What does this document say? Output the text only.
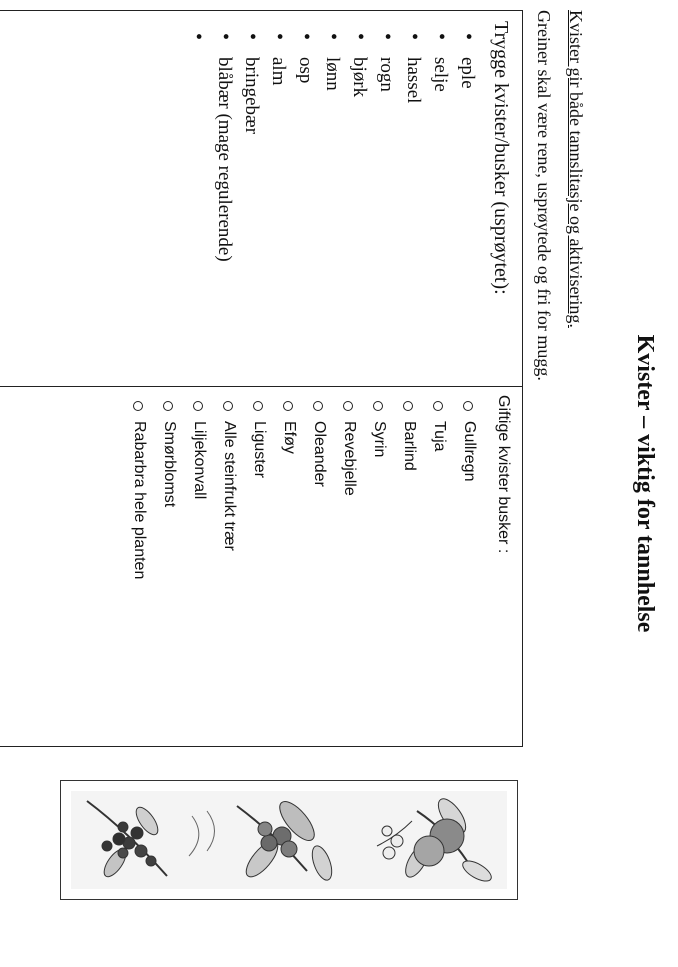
Kvister – viktig for tannhelse
Kvister gir både tannslitasje og aktivisering.
Greiner skal være rene, usprøytede og fri for mugg.
Trygge kvister/busker (usprøytet):
• eple
• selje
• hassel
• rogn
• bjørk
• lønn
• osp
• alm
• bringebær
• blåbær (mage regulerende)
Giftige kvister busker :
Gullregn
Tuja
Barlind
Syrin
Revebjelle
Oleander
Eføy
Liguster
Alle steinfrukt trær
Liljekonvall
Smørblomst
Rabarbra hele planten
